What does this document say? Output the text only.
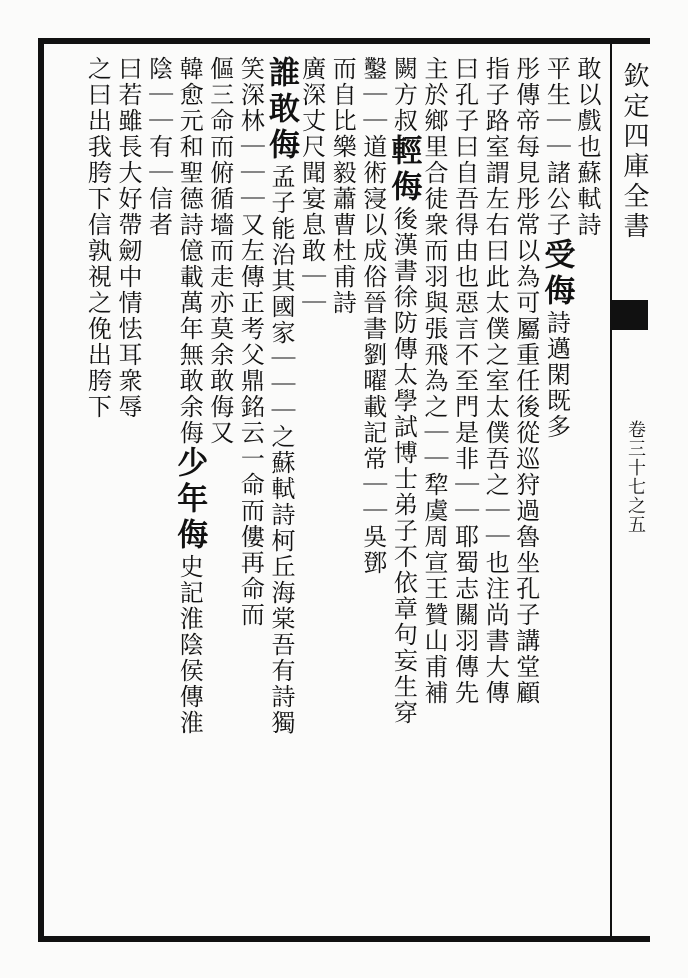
欽定四庫全書
卷三十七之五
敢以戲也蘇軾詩
平生｜｜諸公子受侮詩邁閑既多
彤傳帝每見彤常以為可屬重任後從巡狩過魯坐孔子講堂顧
指子路室謂左右曰此太僕之室太僕吾之｜｜也注尚書大傳
曰孔子曰自吾得由也惡言不至門是非｜｜耶蜀志關羽傳先
主於鄉里合徒衆而羽與張飛為之｜｜犂虞周宣王贊山甫補
闕方叔輕侮後漢書徐防傳太學試博士弟子不依章句妄生穿
鑿｜｜道術寖以成俗晉書劉曜載記常｜｜吳鄧
而自比樂毅蕭曹杜甫詩
廣深丈尺聞宴息敢｜｜
誰敢侮孟子能治其國家｜｜｜之蘇軾詩柯丘海棠吾有詩獨
笑深林｜｜｜又左傳正考父鼎銘云一命而僂再命而
傴三命而俯循墻而走亦莫余敢侮又
韓愈元和聖德詩億載萬年無敢余侮少年侮史記淮陰侯傳淮
陰｜｜有｜信者
曰若雖長大好帶劒中情怯耳衆辱
之曰出我胯下信孰視之俛出胯下
